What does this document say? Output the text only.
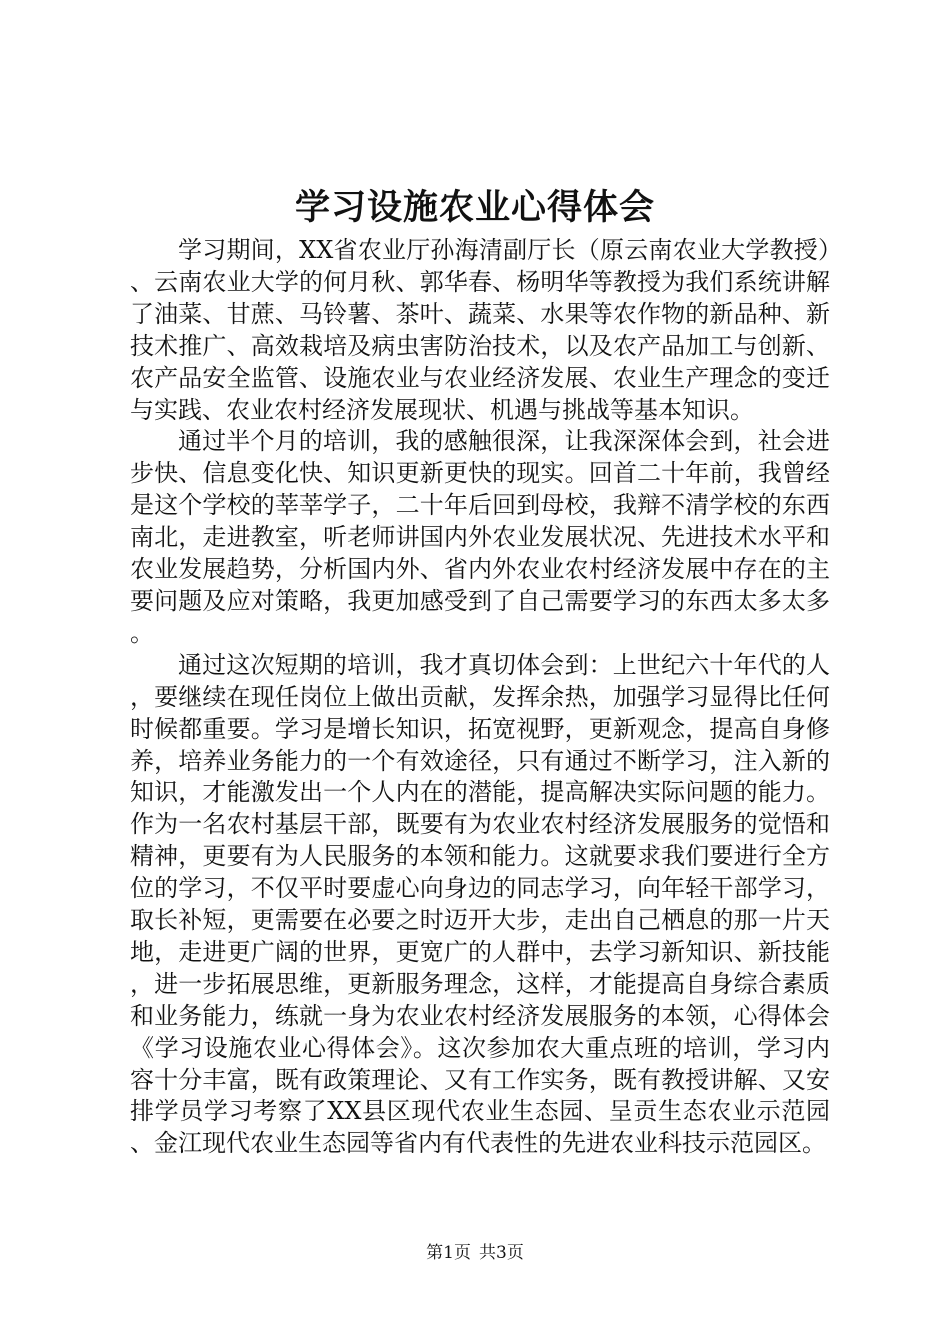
学习设施农业心得体会

学习期间，XX省农业厅孙海清副厅长（原云南农业大学教授）、云南农业大学的何月秋、郭华春、杨明华等教授为我们系统讲解了油菜、甘蔗、马铃薯、茶叶、蔬菜、水果等农作物的新品种、新技术推广、高效栽培及病虫害防治技术，以及农产品加工与创新、农产品安全监管、设施农业与农业经济发展、农业生产理念的变迁与实践、农业农村经济发展现状、机遇与挑战等基本知识。

通过半个月的培训，我的感触很深，让我深深体会到，社会进步快、信息变化快、知识更新更快的现实。回首二十年前，我曾经是这个学校的莘莘学子，二十年后回到母校，我辩不清学校的东西南北，走进教室，听老师讲国内外农业发展状况、先进技术水平和农业发展趋势，分析国内外、省内外农业农村经济发展中存在的主要问题及应对策略，我更加感受到了自己需要学习的东西太多太多。

通过这次短期的培训，我才真切体会到：上世纪六十年代的人，要继续在现任岗位上做出贡献，发挥余热，加强学习显得比任何时候都重要。学习是增长知识，拓宽视野，更新观念，提高自身修养，培养业务能力的一个有效途径，只有通过不断学习，注入新的知识，才能激发出一个人内在的潜能，提高解决实际问题的能力。作为一名农村基层干部，既要有为农业农村经济发展服务的觉悟和精神，更要有为人民服务的本领和能力。这就要求我们要进行全方位的学习，不仅平时要虚心向身边的同志学习，向年轻干部学习，取长补短，更需要在必要之时迈开大步，走出自己栖息的那一片天地，走进更广阔的世界，更宽广的人群中，去学习新知识、新技能，进一步拓展思维，更新服务理念，这样，才能提高自身综合素质和业务能力，练就一身为农业农村经济发展服务的本领，心得体会《学习设施农业心得体会》。这次参加农大重点班的培训，学习内容十分丰富，既有政策理论、又有工作实务，既有教授讲解、又安排学员学习考察了XX县区现代农业生态园、呈贡生态农业示范园、金江现代农业生态园等省内有代表性的先进农业科技示范园区。

第1页 共3页
